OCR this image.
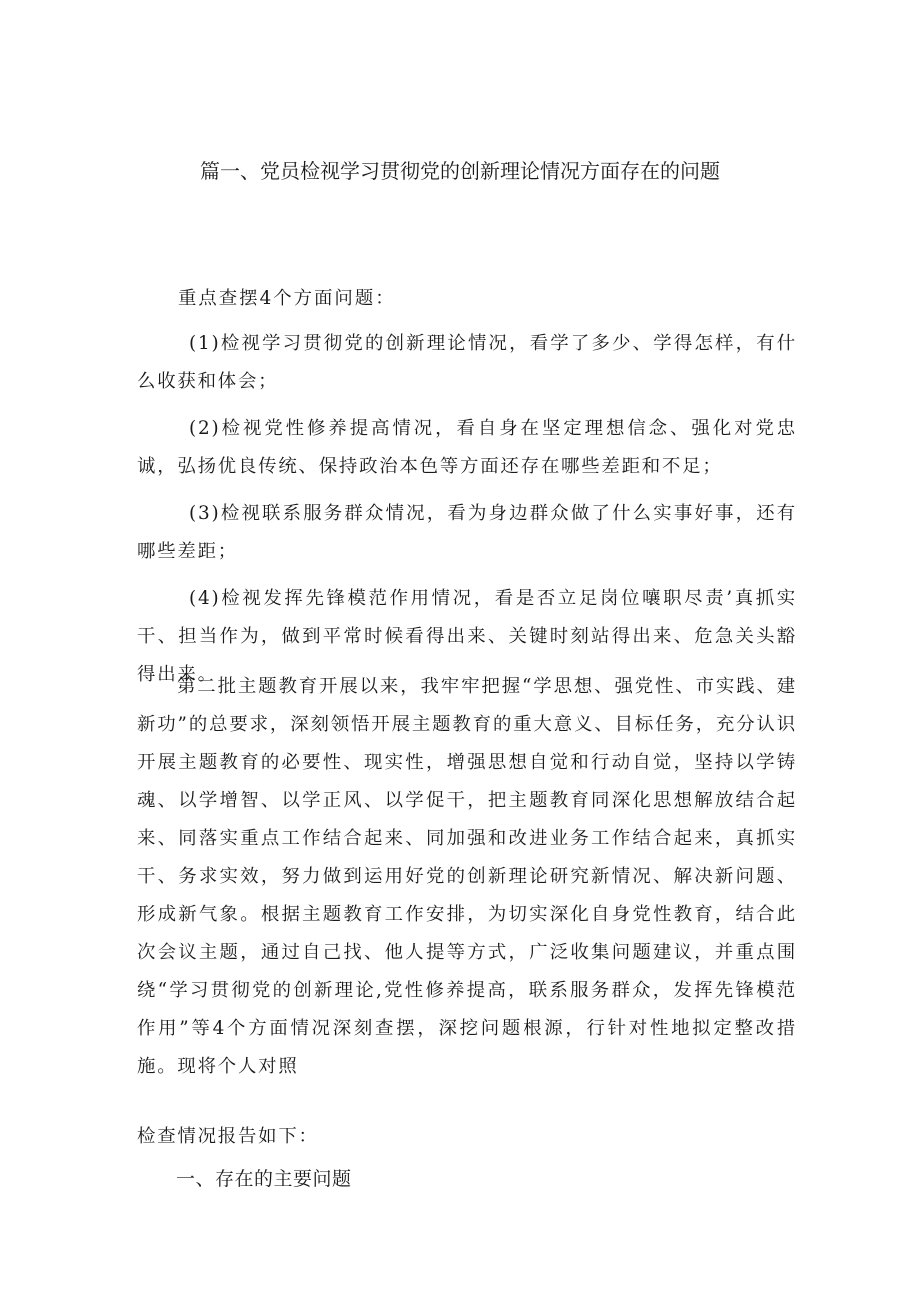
篇一、党员检视学习贯彻党的创新理论情况方面存在的问题
重点查摆4个方面问题：
(1)检视学习贯彻党的创新理论情况，看学了多少、学得怎样，有什么收获和体会；
(2)检视党性修养提高情况，看自身在坚定理想信念、强化对党忠诚，弘扬优良传统、保持政治本色等方面还存在哪些差距和不足；
(3)检视联系服务群众情况，看为身边群众做了什么实事好事，还有哪些差距；
(4)检视发挥先锋模范作用情况，看是否立足岗位嚷职尽责’真抓实干、担当作为，做到平常时候看得出来、关键时刻站得出来、危急关头豁得出来。
第二批主题教育开展以来，我牢牢把握“学思想、强党性、市实践、建新功”的总要求，深刻领悟开展主题教育的重大意义、目标任务，充分认识开展主题教育的必要性、现实性，增强思想自觉和行动自觉，坚持以学铸魂、以学增智、以学正风、以学促干，把主题教育同深化思想解放结合起来、同落实重点工作结合起来、同加强和改进业务工作结合起来，真抓实干、务求实效，努力做到运用好党的创新理论研究新情况、解决新问题、形成新气象。根据主题教育工作安排，为切实深化自身党性教育，结合此次会议主题，通过自己找、他人提等方式，广泛收集问题建议，并重点围绕“学习贯彻党的创新理论,党性修养提高，联系服务群众，发挥先锋模范作用”等4个方面情况深刻查摆，深挖问题根源，行针对性地拟定整改措施。现将个人对照
检查情况报告如下：
一、存在的主要问题
